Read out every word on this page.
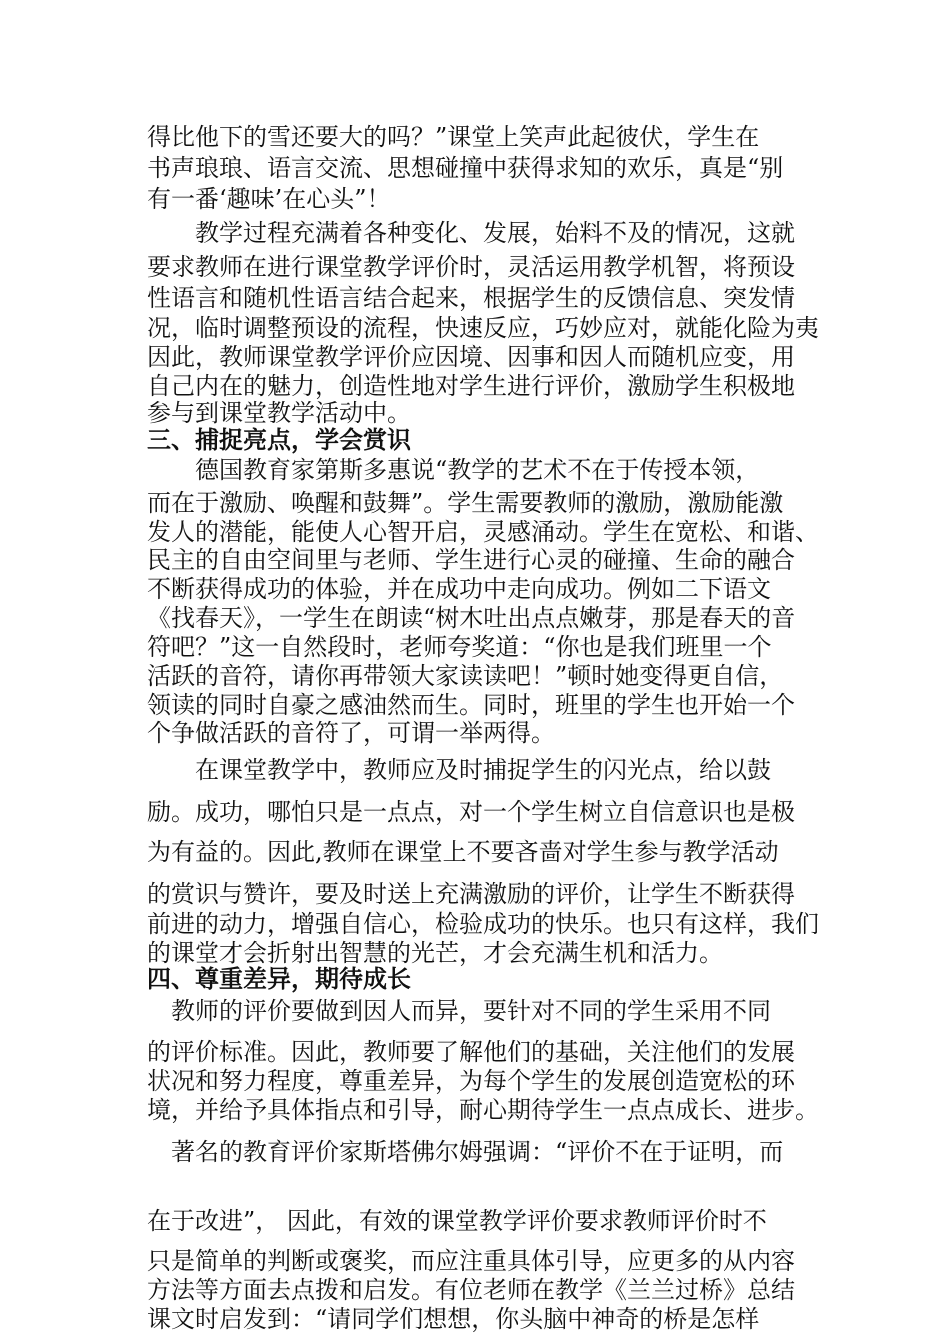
得比他下的雪还要大的吗？”课堂上笑声此起彼伏，学生在
书声琅琅、语言交流、思想碰撞中获得求知的欢乐，真是“别
有一番‘趣味’在心头”！
　　教学过程充满着各种变化、发展，始料不及的情况，这就
要求教师在进行课堂教学评价时，灵活运用教学机智，将预设
性语言和随机性语言结合起来，根据学生的反馈信息、突发情
况，临时调整预设的流程，快速反应，巧妙应对，就能化险为夷
因此，教师课堂教学评价应因境、因事和因人而随机应变，用
自己内在的魅力，创造性地对学生进行评价，激励学生积极地
参与到课堂教学活动中。
三、捕捉亮点，学会赏识
　　德国教育家第斯多惠说“教学的艺术不在于传授本领，
而在于激励、唤醒和鼓舞”。学生需要教师的激励，激励能激
发人的潜能，能使人心智开启，灵感涌动。学生在宽松、和谐、
民主的自由空间里与老师、学生进行心灵的碰撞、生命的融合
不断获得成功的体验，并在成功中走向成功。例如二下语文
《找春天》，一学生在朗读“树木吐出点点嫩芽，那是春天的音
符吧？”这一自然段时，老师夸奖道：“你也是我们班里一个
活跃的音符，请你再带领大家读读吧！”顿时她变得更自信，
领读的同时自豪之感油然而生。同时，班里的学生也开始一个
个争做活跃的音符了，可谓一举两得。
　　在课堂教学中，教师应及时捕捉学生的闪光点，给以鼓
励。成功，哪怕只是一点点，对一个学生树立自信意识也是极
为有益的。因此,教师在课堂上不要吝啬对学生参与教学活动
的赏识与赞许，要及时送上充满激励的评价，让学生不断获得
前进的动力，增强自信心，检验成功的快乐。也只有这样，我们
的课堂才会折射出智慧的光芒，才会充满生机和活力。
四、尊重差异，期待成长
　教师的评价要做到因人而异，要针对不同的学生采用不同
的评价标准。因此，教师要了解他们的基础，关注他们的发展
状况和努力程度，尊重差异，为每个学生的发展创造宽松的环
境，并给予具体指点和引导，耐心期待学生一点点成长、进步。
　著名的教育评价家斯塔佛尔姆强调：“评价不在于证明，而
在于改进”， 因此，有效的课堂教学评价要求教师评价时不
只是简单的判断或褒奖，而应注重具体引导，应更多的从内容
方法等方面去点拨和启发。有位老师在教学《兰兰过桥》总结
课文时启发到：“请同学们想想，你头脑中神奇的桥是怎样
